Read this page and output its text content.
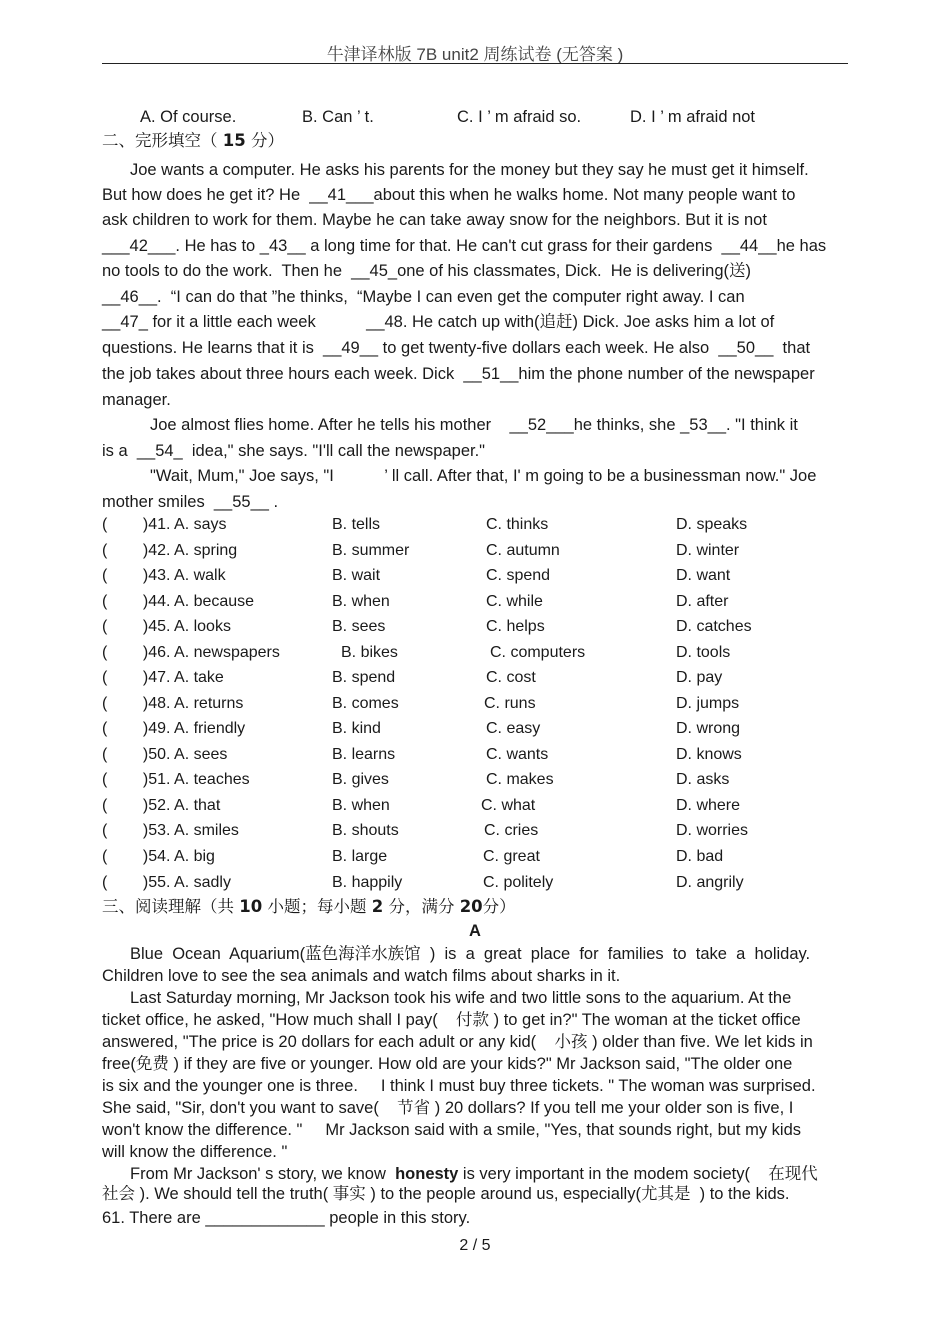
牛津译林版 7B unit2 周练试卷 (无答案 )
A. Of course.	B. Can ’ t.	C. I ’ m afraid so.	D. I ’ m afraid not
二、完形填空（ 15 分）
Joe wants a computer. He asks his parents for the money but they say he must get it himself.
But how does he get it? He  __41___about this when he walks home. Not many people want to
ask children to work for them. Maybe he can take away snow for the neighbors. But it is not
___42___. He has to _43__ a long time for that. He can't cut grass for their gardens  __44__he has
no tools to do the work.  Then he  __45_one of his classmates, Dick.  He is delivering(送)
__46__.  “I can do that ”he thinks,  “Maybe I can even get the computer right away. I can
__47_ for it a little each week           __48. He catch up with(追赶) Dick. Joe asks him a lot of
questions. He learns that it is  __49__ to get twenty-five dollars each week. He also  __50__  that
the job takes about three hours each week. Dick  __51__him the phone number of the newspaper
manager.
Joe almost flies home. After he tells his mother    __52___he thinks, she _53__. "I think it
is a  __54_  idea," she says. "I'll call the newspaper."
"Wait, Mum," Joe says, "I           ’ ll call. After that, I' m going to be a businessman now." Joe
mother smiles  __55__ .
(        )41. A. says	B. tells	C. thinks	D. speaks
(        )42. A. spring	B. summer	C. autumn	D. winter
(        )43. A. walk	B. wait	C. spend	D. want
(        )44. A. because	B. when	C. while	D. after
(        )45. A. looks	B. sees	C. helps	D. catches
(        )46. A. newspapers	B. bikes	C. computers	D. tools
(        )47. A. take	B. spend	C. cost	D. pay
(        )48. A. returns	B. comes	C. runs	D. jumps
(        )49. A. friendly	B. kind	C. easy	D. wrong
(        )50. A. sees	B. learns	C. wants	D. knows
(        )51. A. teaches	B. gives	C. makes	D. asks
(        )52. A. that	B. when	C. what	D. where
(        )53. A. smiles	B. shouts	C. cries	D. worries
(        )54. A. big	B. large	C. great	D. bad
(        )55. A. sadly	B. happily	C. politely	D. angrily
三、阅读理解（共 10 小题；每小题 2 分，满分 20分）
A
Blue  Ocean  Aquarium(蓝色海洋水族馆  )  is  a  great  place  for  families  to  take  a  holiday.
Children love to see the sea animals and watch films about sharks in it.
Last Saturday morning, Mr Jackson took his wife and two little sons to the aquarium. At the
ticket office, he asked, "How much shall I pay(    付款 ) to get in?" The woman at the ticket office
answered, "The price is 20 dollars for each adult or any kid(    小孩 ) older than five. We let kids in
free(免费 ) if they are five or younger. How old are your kids?" Mr Jackson said, "The older one
is six and the younger one is three.     I think I must buy three tickets. " The woman was surprised.
She said, "Sir, don't you want to save(    节省 ) 20 dollars? If you tell me your older son is five, I
won't know the difference. "     Mr Jackson said with a smile, "Yes, that sounds right, but my kids
will know the difference. "
From Mr Jackson' s story, we know  honesty is very important in the modem society(    在现代
社会 ). We should tell the truth( 事实 ) to the people around us, especially(尤其是  ) to the kids.
61. There are _____________ people in this story.
2 / 5
